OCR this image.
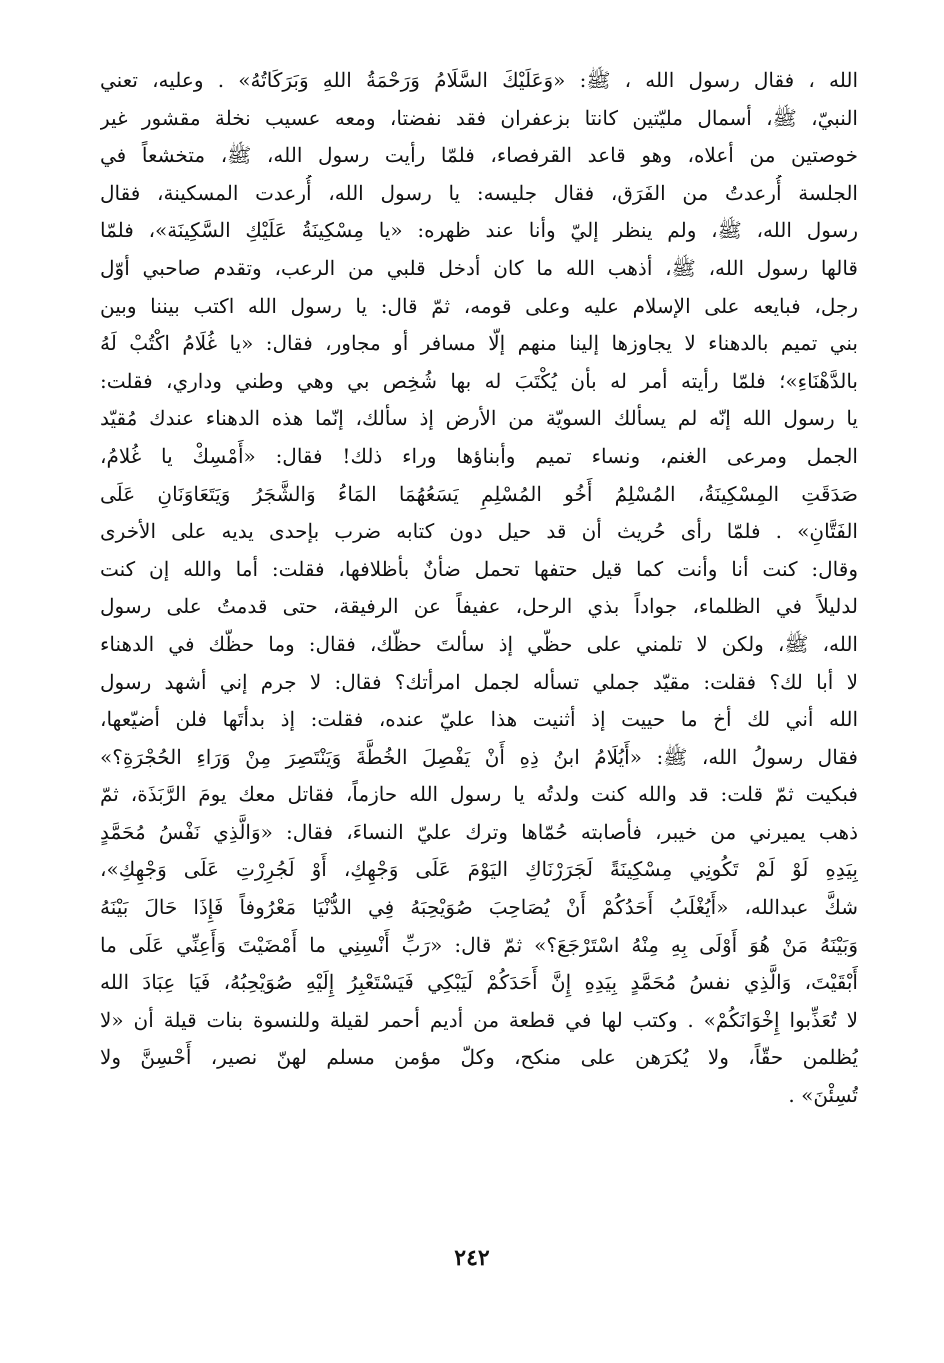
الله ، فقال رسول الله ، ﷺ: «وَعَلَيْكَ السَّلَامُ وَرَحْمَةُ اللهِ وَبَرَكَاتُهُ» . وعليه، تعني
النبيّ، ﷺ، أسمال مليّتين كانتا بزعفران فقد نفضتا، ومعه عسيب نخلة مقشور غير
خوصتين من أعلاه، وهو قاعد القرفصاء، فلمّا رأيت رسول الله، ﷺ، متخشعاً في
الجلسة أُرعدتُ من الفَرَق، فقال جليسه: يا رسول الله، أُرعدت المسكينة، فقال
رسول الله، ﷺ، ولم ينظر إليّ وأنا عند ظهره: «يا مِسْكِينَةُ عَلَيْكِ السَّكِينَة»، فلمّا
قالها رسول الله، ﷺ، أذهب الله ما كان أدخل قلبي من الرعب، وتقدم صاحبي أوّل
رجل، فبايعه على الإسلام عليه وعلى قومه، ثمّ قال: يا رسول الله اكتب بيننا وبين
بني تميم بالدهناء لا يجاوزها إلينا منهم إلّا مسافر أو مجاور، فقال: «يا غُلَامُ اكْتُبْ لَهُ
بالدَّهْنَاءِ»؛ فلمّا رأيته أمر له بأن يُكْتَبَ له بها شُخِص بي وهي وطني وداري، فقلت:
يا رسول الله إنّه لم يسألك السويّة من الأرض إذ سألك، إنّما هذه الدهناء عندك مُقيّد
الجمل ومرعى الغنم، ونساء تميم وأبناؤها وراء ذلك! فقال: «أَمْسِكْ يا غُلامُ،
صَدَقَتِ المِسْكِينَةُ، المُسْلِمُ أَخُو المُسْلِمِ يَسَعُهُمَا المَاءُ وَالشَّجَرُ وَيَتَعَاوَنَانِ عَلَى
الفَتَّانِ» . فلمّا رأى حُريث أن قد حيل دون كتابه ضرب بإحدى يديه على الأخرى
وقال: كنت أنا وأنت كما قيل حتفها تحمل ضأنٌ بأظلافها، فقلت: أما والله إن كنت
لدليلاً في الظلماء، جواداً بذي الرحل، عفيفاً عن الرفيقة، حتى قدمتُ على رسول
الله، ﷺ، ولكن لا تلمني على حظّي إذ سألتَ حظّك، فقال: وما حظّك في الدهناء
لا أبا لك؟ فقلت: مقيّد جملي تسأله لجمل امرأتك؟ فقال: لا جرم إني أشهد رسول
الله أني لك أخ ما حييت إذ أثنيت هذا عليّ عنده، فقلت: إذ بدأتَها فلن أضيّعها،
فقال رسولُ الله، ﷺ: «أَيُلَامُ ابنُ ذِهِ أَنْ يَفْصِلَ الخُطَّةَ وَيَنْتَصِرَ مِنْ وَرَاءِ الحُجْرَةِ؟»
فبكيت ثمّ قلت: قد والله كنت ولدتُه يا رسول الله حازماً، فقاتل معك يومَ الرَّبَذَة، ثمّ
ذهب يميرني من خيبر، فأصابته حُمّاها وترك عليّ النساءَ، فقال: «وَالَّذِي نَفْسُ مُحَمَّدٍ
بِيَدِهِ لَوْ لَمْ تَكُونِي مِسْكِينَةً لَجَرَرْنَاكِ اليَوْمَ عَلَى وَجْهِكِ، أَوْ لَجُرِرْتِ عَلَى وَجْهِكِ»،
شكَّ عبدالله، «أَيُغْلَبُ أَحَدُكُمْ أَنْ يُصَاحِبَ صُوَيْحِبَهُ فِي الدُّنْيَا مَعْرُوفاً فَإِذَا حَالَ بَيْنَهُ
وَبَيْنَهُ مَنْ هُوَ أَوْلَى بِهِ مِنْهُ اسْتَرْجَعَ؟» ثمّ قال: «رَبِّ أَنْسِنِي ما أَمْضَيْتَ وَأَعِنِّي عَلَى ما
أَبْقَيْتَ، وَالَّذِي نفسُ مُحَمَّدٍ بِيَدِهِ إِنَّ أَحَدَكُمْ لَيَبْكِي فَيَسْتَعْبِرُ إِلَيْهِ صُوَيْحِبُهُ، فَيَا عِبَادَ الله
لا تُعَذِّبوا إِخْوَانَكُمْ» . وكتب لها في قطعة من أديم أحمر لقيلة وللنسوة بنات قيلة أن «لا
يُظلمن حقّاً، ولا يُكرَهن على منكح، وكلّ مؤمن مسلم لهنّ نصير، أَحْسِنَّ ولا
تُسِئْنَ» .
٢٤٢
